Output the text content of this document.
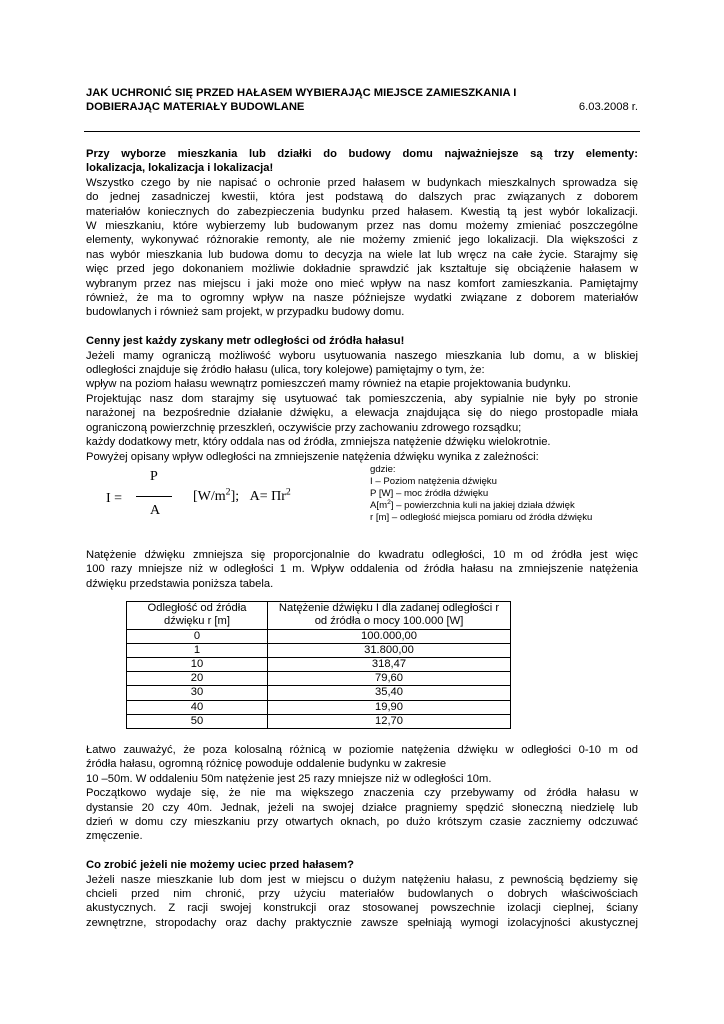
JAK UCHRONIĆ SIĘ PRZED HAŁASEM WYBIERAJĄC MIEJSCE ZAMIESZKANIA I
DOBIERAJĄC MATERIAŁY BUDOWLANE	6.03.2008 r.

Przy wyborze mieszkania lub działki do budowy domu najważniejsze są trzy elementy:
lokalizacja, lokalizacja i lokalizacja!

Wszystko czego by nie napisać o ochronie przed hałasem w budynkach mieszkalnych sprowadza się
do jednej zasadniczej kwestii, która jest podstawą do dalszych prac związanych z doborem
materiałów koniecznych do zabezpieczenia budynku przed hałasem. Kwestią tą jest wybór lokalizacji.
W mieszkaniu, które wybierzemy lub budowanym przez nas domu możemy zmieniać poszczególne
elementy, wykonywać różnorakie remonty, ale nie możemy zmienić jego lokalizacji. Dla większości z
nas wybór mieszkania lub budowa domu to decyzja na wiele lat lub wręcz na całe życie. Starajmy się
więc przed jego dokonaniem możliwie dokładnie sprawdzić jak kształtuje się obciążenie hałasem w
wybranym przez nas miejscu i jaki może ono mieć wpływ na nasz komfort zamieszkania. Pamiętajmy
również, że ma to ogromny wpływ na nasze późniejsze wydatki związane z doborem materiałów
budowlanych i również sam projekt, w przypadku budowy domu.

Cenny jest każdy zyskany metr odległości od źródła hałasu!

Jeżeli mamy ograniczą możliwość wyboru usytuowania naszego mieszkania lub domu, a w bliskiej
odległości znajduje się źródło hałasu (ulica, tory kolejowe) pamiętajmy o tym, że:
wpływ na poziom hałasu wewnątrz pomieszczeń mamy również na etapie projektowania budynku.
Projektując nasz dom starajmy się usytuować tak pomieszczenia, aby sypialnie nie były po stronie
narażonej na bezpośrednie działanie dźwięku, a elewacja znajdująca się do niego prostopadle miała
ograniczoną powierzchnię przeszkleń, oczywiście przy zachowaniu zdrowego rozsądku;
każdy dodatkowy metr, który oddala nas od źródła, zmniejsza natężenie dźwięku wielokrotnie.
Powyżej opisany wpływ odległości na zmniejszenie natężenia dźwięku wynika z zależności:

I =
P
A
$[W/m^2]$; $A= \Pi r^2$
gdzie:
I – Poziom natężenia dźwięku
P [W] – moc źródła dźwięku
$A[m^2]$ – powierzchnia kuli na jakiej działa dźwięk
r [m] – odległość miejsca pomiaru od źródła dźwięku

Natężenie dźwięku zmniejsza się proporcjonalnie do kwadratu odległości, 10 m od źródła jest więc
100 razy mniejsze niż w odległości 1 m. Wpływ oddalenia od źródła hałasu na zmniejszenie natężenia
dźwięku przedstawia poniższa tabela.

Odległość od źródła
dźwięku r [m]	Natężenie dźwięku I dla zadanej odległości r
od źródła o mocy 100.000 [W]
0	100.000,00
1	31.800,00
10	318,47
20	79,60
30	35,40
40	19,90
50	12,70

Łatwo zauważyć, że poza kolosalną różnicą w poziomie natężenia dźwięku w odległości 0-10 m od
źródła hałasu, ogromną różnicę powoduje oddalenie budynku w zakresie
10 –50m. W oddaleniu 50m natężenie jest 25 razy mniejsze niż w odległości 10m.
Początkowo wydaje się, że nie ma większego znaczenia czy przebywamy od źródła hałasu w
dystansie 20 czy 40m. Jednak, jeżeli na swojej działce pragniemy spędzić słoneczną niedzielę lub
dzień w domu czy mieszkaniu przy otwartych oknach, po dużo krótszym czasie zaczniemy odczuwać
zmęczenie.

Co zrobić jeżeli nie możemy uciec przed hałasem?

Jeżeli nasze mieszkanie lub dom jest w miejscu o dużym natężeniu hałasu, z pewnością będziemy się
chcieli przed nim chronić, przy użyciu materiałów budowlanych o dobrych właściwościach
akustycznych. Z racji swojej konstrukcji oraz stosowanej powszechnie izolacji cieplnej, ściany
zewnętrzne, stropodachy oraz dachy praktycznie zawsze spełniają wymogi izolacyjności akustycznej
